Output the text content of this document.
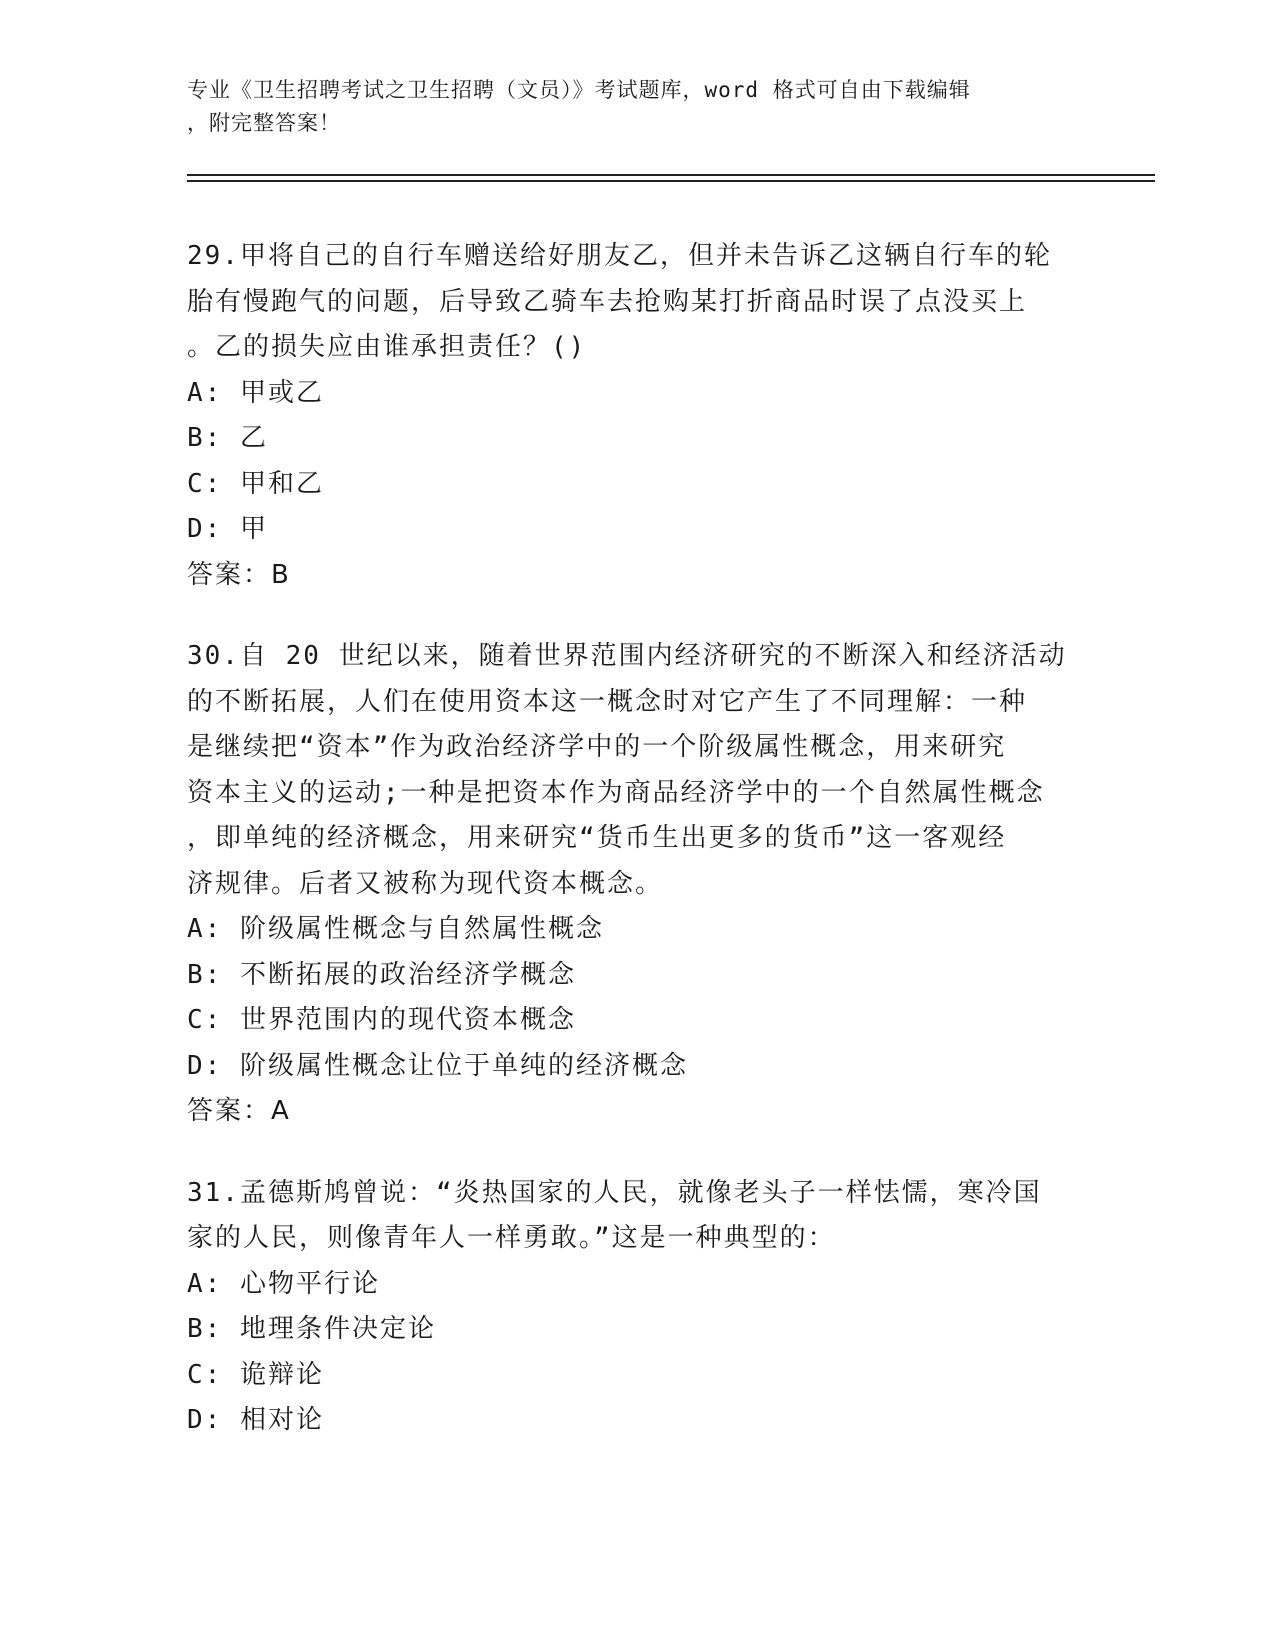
专业《卫生招聘考试之卫生招聘（文员）》考试题库，word 格式可自由下载编辑
，附完整答案！
29.甲将自己的自行车赠送给好朋友乙，但并未告诉乙这辆自行车的轮
胎有慢跑气的问题，后导致乙骑车去抢购某打折商品时误了点没买上
。乙的损失应由谁承担责任？()
A: 甲或乙
B: 乙
C: 甲和乙
D: 甲
答案：B
30.自 20 世纪以来，随着世界范围内经济研究的不断深入和经济活动
的不断拓展，人们在使用资本这一概念时对它产生了不同理解：一种
是继续把“资本”作为政治经济学中的一个阶级属性概念，用来研究
资本主义的运动;一种是把资本作为商品经济学中的一个自然属性概念
，即单纯的经济概念，用来研究“货币生出更多的货币”这一客观经
济规律。后者又被称为现代资本概念。
A: 阶级属性概念与自然属性概念
B: 不断拓展的政治经济学概念
C: 世界范围内的现代资本概念
D: 阶级属性概念让位于单纯的经济概念
答案：A
31.孟德斯鸠曾说：“炎热国家的人民，就像老头子一样怯懦，寒冷国
家的人民，则像青年人一样勇敢。”这是一种典型的：
A: 心物平行论
B: 地理条件决定论
C: 诡辩论
D: 相对论
